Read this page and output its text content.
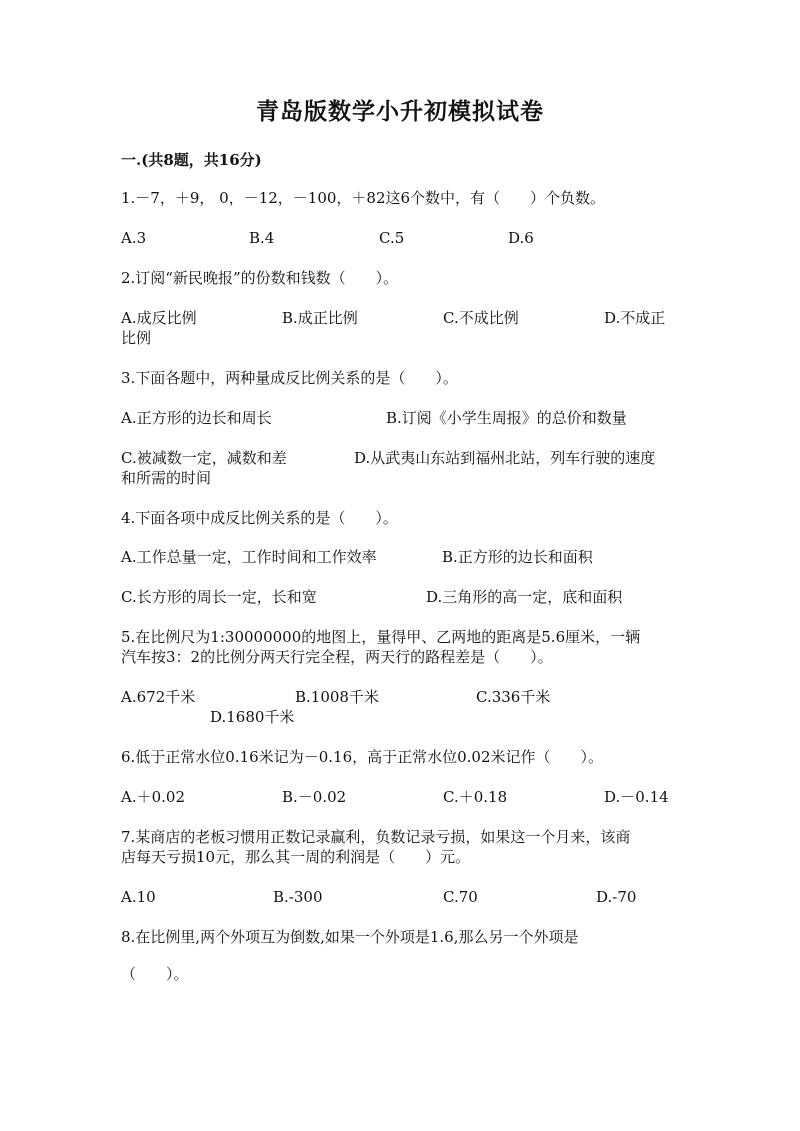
青岛版数学小升初模拟试卷
一.(共8题，共16分)
1.－7，＋9， 0，－12，－100，＋82这6个数中，有（　　）个负数。
A.3	B.4	C.5	D.6
2.订阅“新民晚报”的份数和钱数（　　）。
A.成反比例	B.成正比例	C.不成比例	D.不成正
比例
3.下面各题中，两种量成反比例关系的是（　　）。
A.正方形的边长和周长	B.订阅《小学生周报》的总价和数量
C.被减数一定，减数和差	D.从武夷山东站到福州北站，列车行驶的速度
和所需的时间
4.下面各项中成反比例关系的是（　　）。
A.工作总量一定，工作时间和工作效率	B.正方形的边长和面积
C.长方形的周长一定，长和宽	D.三角形的高一定，底和面积
5.在比例尺为1:30000000的地图上，量得甲、乙两地的距离是5.6厘米，一辆
汽车按3：2的比例分两天行完全程，两天行的路程差是（　　）。
A.672千米	B.1008千米	C.336千米
D.1680千米
6.低于正常水位0.16米记为－0.16，高于正常水位0.02米记作（　　）。
A.＋0.02	B.－0.02	C.＋0.18	D.－0.14
7.某商店的老板习惯用正数记录赢利，负数记录亏损，如果这一个月来，该商
店每天亏损10元，那么其一周的利润是（　　）元。
A.10	B.-300	C.70	D.-70
8.在比例里,两个外项互为倒数,如果一个外项是1.6,那么另一个外项是
（　　）。
